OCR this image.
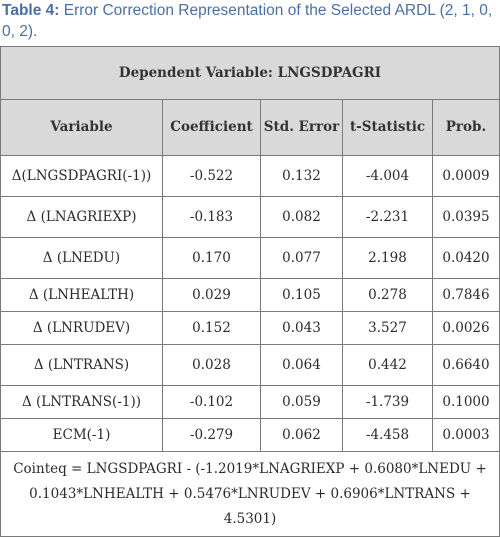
Table 4: Error Correction Representation of the Selected ARDL (2, 1, 0, 0, 2).
Dependent Variable: LNGSDPAGRI				
Variable	Coefficient	Std. Error	t-Statistic	Prob.
Δ(LNGSDPAGRI(-1))	-0.522	0.132	-4.004	0.0009
Δ (LNAGRIEXP)	-0.183	0.082	-2.231	0.0395
Δ (LNEDU)	0.170	0.077	2.198	0.0420
Δ (LNHEALTH)	0.029	0.105	0.278	0.7846
Δ (LNRUDEV)	0.152	0.043	3.527	0.0026
Δ (LNTRANS)	0.028	0.064	0.442	0.6640
Δ (LNTRANS(-1))	-0.102	0.059	-1.739	0.1000
ECM(-1)	-0.279	0.062	-4.458	0.0003
Cointeq = LNGSDPAGRI - (-1.2019*LNAGRIEXP + 0.6080*LNEDU + 0.1043*LNHEALTH + 0.5476*LNRUDEV + 0.6906*LNTRANS + 4.5301)				
